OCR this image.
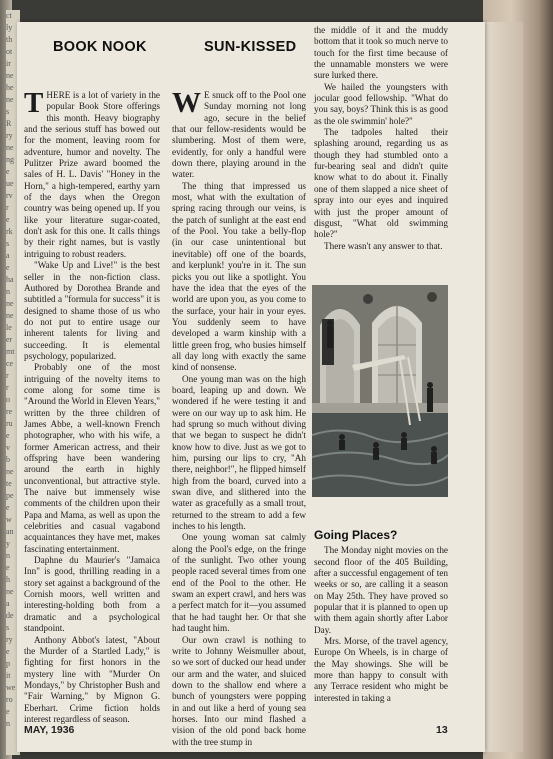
ct
ly
th
ot
ir
ne
he
ne
s
R
ry
ne
ng
e
ue
rv
r
e
rk
s
a
e
ha
n
ne
ne
le
er
mt
ce
r
r
o
re
ru
e
v
b
ne
te
pe
e
w
an
y
n
e
h
ne
a
de
s
ry
e
p
it
we
ro
e
n
BOOK NOOK	SUN-KISSED

THERE is a lot of variety in the popular Book Store offerings this month. Heavy biography and the serious stuff has bowed out for the moment, leaving room for adventure, humor and novelty. The Pulitzer Prize award boomed the sales of H. L. Davis' "Honey in the Horn," a high-tempered, earthy yarn of the days when the Oregon country was being opened up. If you like your literature sugar-coated, don't ask for this one. It calls things by their right names, but is vastly intriguing to robust readers.

"Wake Up and Live!" is the best seller in the non-fiction class. Authored by Dorothea Brande and subtitled a "formula for success" it is designed to shame those of us who do not put to entire usage our inherent talents for living and succeeding. It is elemental psychology, popularized.

Probably one of the most intriguing of the novelty items to come along for some time is "Around the World in Eleven Years," written by the three children of James Abbe, a well-known French photographer, who with his wife, a former American actress, and their offspring have been wandering around the earth in highly unconventional, but attractive style. The naive but immensely wise comments of the children upon their Papa and Mama, as well as upon the celebrities and casual vagabond acquaintances they have met, makes fascinating entertainment.

Daphne du Maurier's "Jamaica Inn" is good, thrilling reading in a story set against a background of the Cornish moors, well written and interesting-holding both from a dramatic and a psychological standpoint.

Anthony Abbot's latest, "About the Murder of a Startled Lady," is fighting for first honors in the mystery line with "Murder On Mondays," by Christopher Bush and "Fair Warning," by Mignon G. Eberhart. Crime fiction holds interest regardless of season.

W E snuck off to the Pool one Sunday morning not long ago, secure in the belief that our fellow-residents would be slumbering. Most of them were, evidently, for only a handful were down there, playing around in the water.

The thing that impressed us most, what with the exultation of spring racing through our veins, is the patch of sunlight at the east end of the Pool. You take a belly-flop (in our case unintentional but inevitable) off one of the boards, and kerplunk! you're in it. The sun picks you out like a spotlight. You have the idea that the eyes of the world are upon you, as you come to the surface, your hair in your eyes. You suddenly seem to have developed a warm kinship with a little green frog, who busies himself all day long with exactly the same kind of nonsense.

One young man was on the high board, leaping up and down. We wondered if he were testing it and were on our way up to ask him. He had sprung so much without diving that we began to suspect he didn't know how to dive. Just as we got to him, pursing our lips to cry, "Ah there, neighbor!", he flipped himself high from the board, curved into a swan dive, and slithered into the water as gracefully as a small trout, returned to the stream to add a few inches to his length.

One young woman sat calmly along the Pool's edge, on the fringe of the sunlight. Two other young people raced several times from one end of the Pool to the other. He swam an expert crawl, and hers was a perfect match for it—you assumed that he had taught her. Or that she had taught him.

Our own crawl is nothing to write to Johnny Weismuller about, so we sort of ducked our head under our arm and the water, and sluiced down to the shallow end where a bunch of youngsters were popping in and out like a herd of young sea horses. Into our mind flashed a vision of the old pond back home with the tree stump in

the middle of it and the muddy bottom that it took so much nerve to touch for the first time because of the unnamable monsters we were sure lurked there.

We hailed the youngsters with jocular good fellowship. "What do you say, boys? Think this is as good as the ole swimmin' hole?"

The tadpoles halted their splashing around, regarding us as though they had stumbled onto a fur-bearing seal and didn't quite know what to do about it. Finally one of them slapped a nice sheet of spray into our eyes and inquired with just the proper amount of disgust, "What old swimming hole?"

There wasn't any answer to that.

Going Places?

The Monday night movies on the second floor of the 405 Building, after a successful engagement of ten weeks or so, are calling it a season on May 25th. They have proved so popular that it is planned to open up with them again shortly after Labor Day.

Mrs. Morse, of the travel agency, Europe On Wheels, is in charge of the May showings. She will be more than happy to consult with any Terrace resident who might be interested in taking a

MAY, 1936	13
